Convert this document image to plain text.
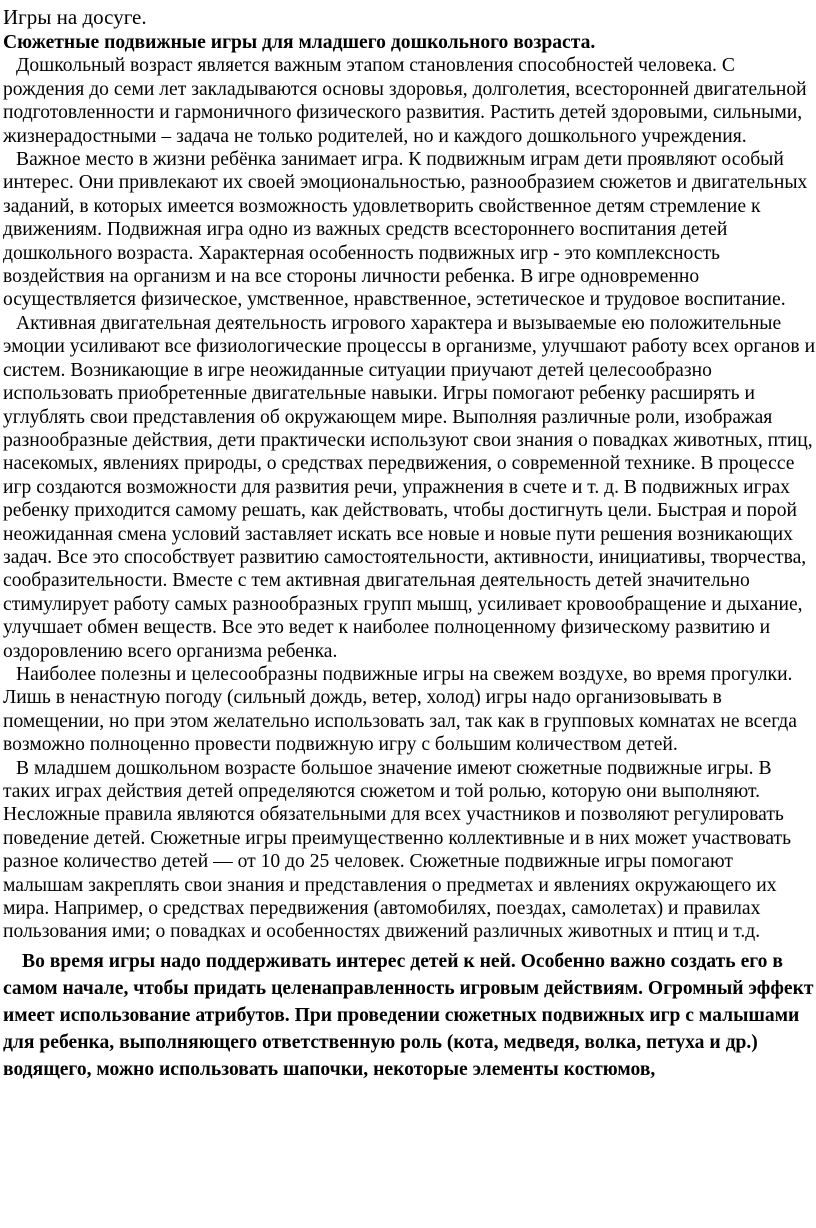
Игры на досуге.

Сюжетные подвижные игры для младшего дошкольного возраста.

Дошкольный возраст является важным этапом становления способностей человека. С рождения до семи лет закладываются основы здоровья, долголетия, всесторонней двигательной подготовленности и гармоничного физического развития. Растить детей здоровыми, сильными, жизнерадостными – задача не только родителей, но и каждого дошкольного учреждения.

Важное место в жизни ребёнка занимает игра. К подвижным играм дети проявляют особый интерес. Они привлекают их своей эмоциональностью, разнообразием сюжетов и двигательных заданий, в которых имеется возможность удовлетворить свойственное детям стремление к движениям. Подвижная игра одно из важных средств всестороннего воспитания детей дошкольного возраста. Характерная особенность подвижных игр - это комплексность воздействия на организм и на все стороны личности ребенка. В игре одновременно осуществляется физическое, умственное, нравственное, эстетическое и трудовое воспитание.

Активная двигательная деятельность игрового характера и вызываемые ею положительные эмоции усиливают все физиологические процессы в организме, улучшают работу всех органов и систем. Возникающие в игре неожиданные ситуации приучают детей целесообразно использовать приобретенные двигательные навыки. Игры помогают ребенку расширять и углублять свои представления об окружающем мире. Выполняя различные роли, изображая разнообразные действия, дети практически используют свои знания о повадках животных, птиц, насекомых, явлениях природы, о средствах передвижения, о современной технике. В процессе игр создаются возможности для развития речи, упражнения в счете и т. д. В подвижных играх ребенку приходится самому решать, как действовать, чтобы достигнуть цели. Быстрая и порой неожиданная смена условий заставляет искать все новые и новые пути решения возникающих задач. Все это способствует развитию самостоятельности, активности, инициативы, творчества, сообразительности. Вместе с тем активная двигательная деятельность детей значительно стимулирует работу самых разнообразных групп мышц, усиливает кровообращение и дыхание, улучшает обмен веществ. Все это ведет к наиболее полноценному физическому развитию и оздоровлению всего организма ребенка.

Наиболее полезны и целесообразны подвижные игры на свежем воздухе, во время прогулки. Лишь в ненастную погоду (сильный дождь, ветер, холод) игры надо организовывать в помещении, но при этом желательно использовать зал, так как в групповых комнатах не всегда возможно полноценно провести подвижную игру с большим количеством детей.

В младшем дошкольном возрасте большое значение имеют сюжетные подвижные игры. В таких играх действия детей определяются сюжетом и той ролью, которую они выполняют. Несложные правила являются обязательными для всех участников и позволяют регулировать поведение детей. Сюжетные игры преимущественно коллективные и в них может участвовать разное количество детей — от 10 до 25 человек. Сюжетные подвижные игры помогают малышам закреплять свои знания и представления о предметах и явлениях окружающего их мира. Например, о средствах передвижения (автомобилях, поездах, самолетах) и правилах пользования ими; о повадках и особенностях движений различных животных и птиц и т.д.

Во время игры надо поддерживать интерес детей к ней. Особенно важно создать его в самом начале, чтобы придать целенаправленность игровым действиям. Огромный эффект имеет использование атрибутов. При проведении сюжетных подвижных игр с малышами для ребенка, выполняющего ответственную роль (кота, медведя, волка, петуха и др.) водящего, можно использовать шапочки, некоторые элементы костюмов,
